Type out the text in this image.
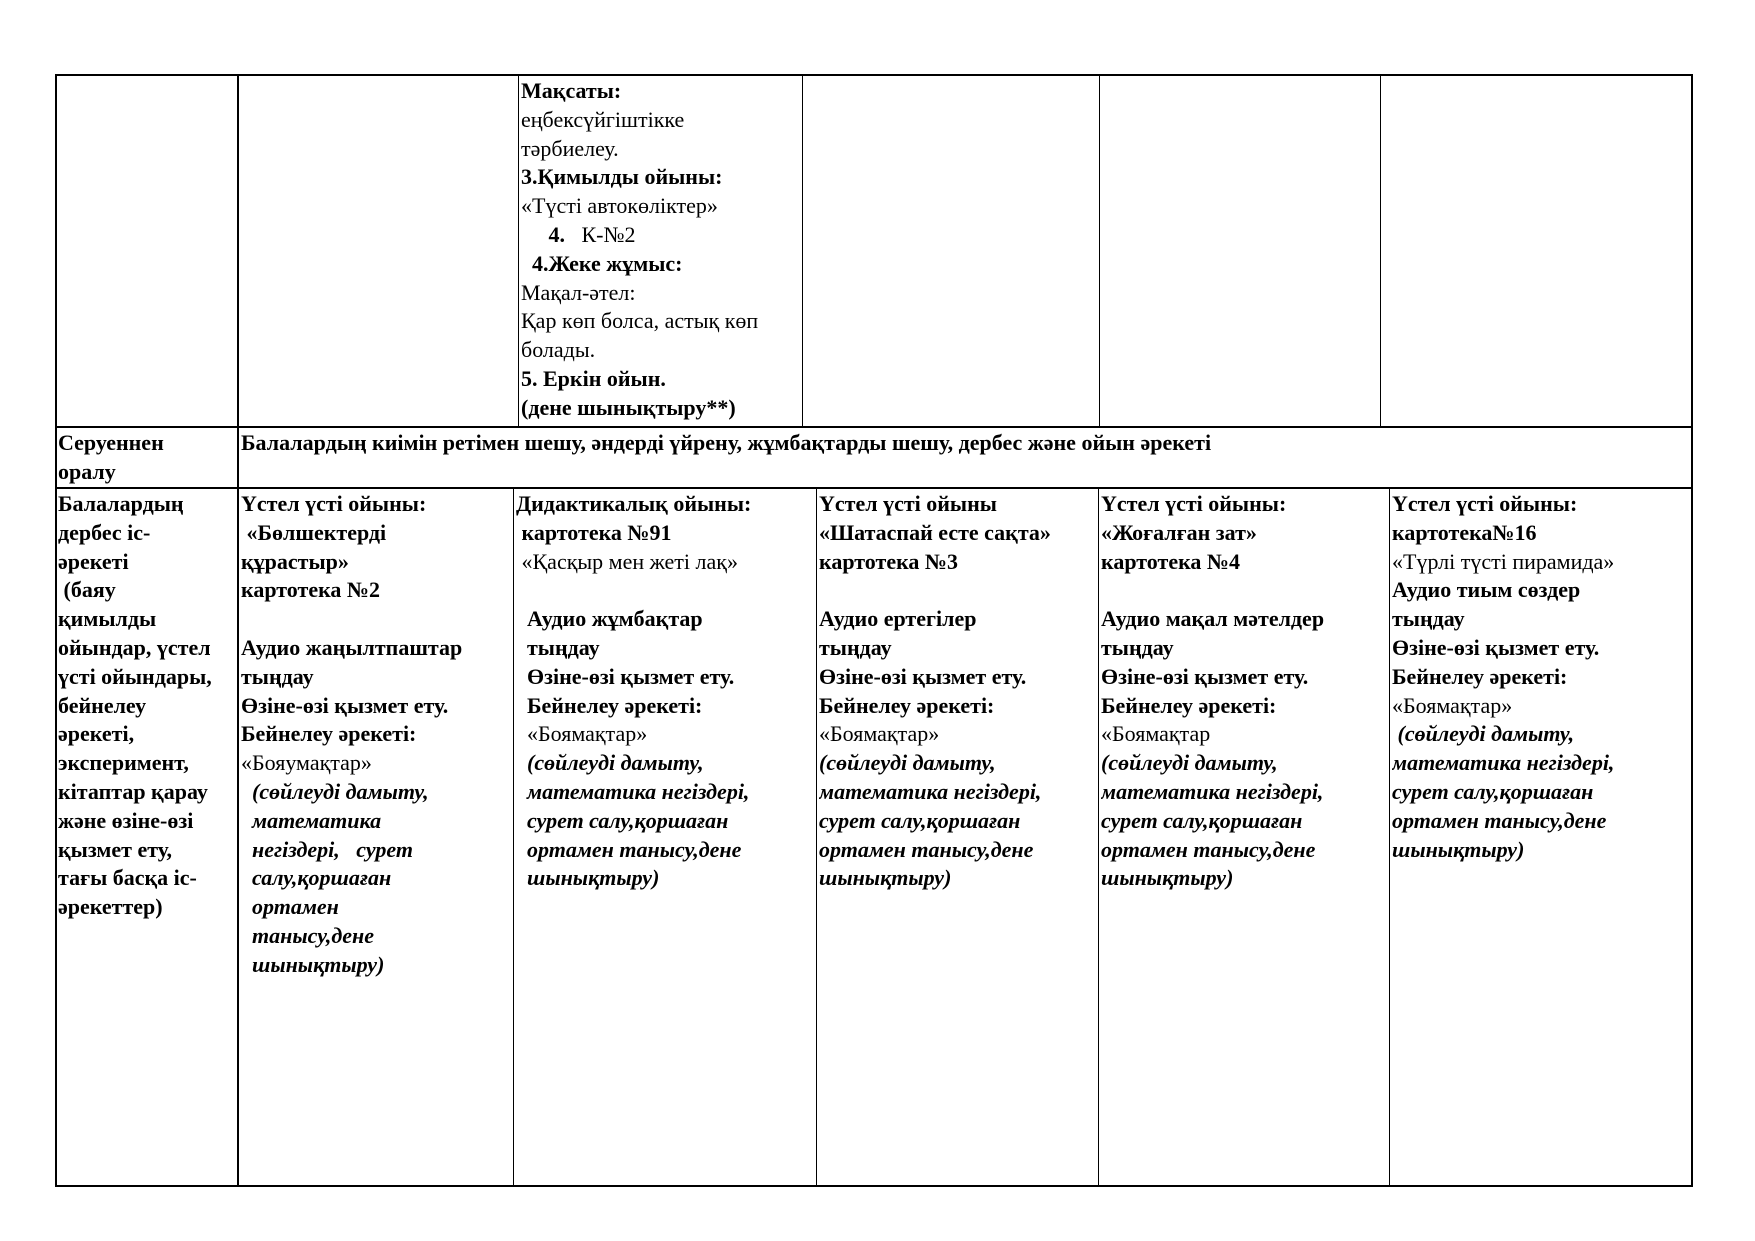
Мақсаты:

еңбексүйгіштікке

тәрбиелеу.

3.Қимылды ойыны:

«Түсті автокөліктер»

4.   К-№2

4.Жеке жұмыс:

Мақал-әтел:

Қар көп болса, астық көп

болады.

5. Еркін ойын.

(дене шынықтыру**)

Серуеннен

оралу

Балалардың киімін ретімен шешу, әндерді үйрену, жұмбақтарды шешу, дербес және ойын әрекеті

Балалардың

дербес іс-

әрекеті

(баяу

қимылды

ойындар, үстел

үсті ойындары,

бейнелеу

әрекеті,

эксперимент,

кітаптар қарау

және өзіне-өзі

қызмет ету,

тағы басқа іс-

әрекеттер)

Үстел үсті ойыны:

«Бөлшектерді

құрастыр»

картотека №2

Аудио жаңылтпаштар

тыңдау

Өзіне-өзі қызмет ету.

Бейнелеу әрекеті:

«Бояумақтар»

(сөйлеуді дамыту,

математика

негіздері,   сурет

салу,қоршаған

ортамен

танысу,дене

шынықтыру)

Дидактикалық ойыны:

картотека №91

«Қасқыр мен жеті лақ»

Аудио жұмбақтар

тыңдау

Өзіне-өзі қызмет ету.

Бейнелеу әрекеті:

«Боямақтар»

(сөйлеуді дамыту,

математика негіздері,

сурет салу,қоршаған

ортамен танысу,дене

шынықтыру)

Үстел үсті ойыны

«Шатаспай есте сақта»

картотека №3

Аудио ертегілер

тыңдау

Өзіне-өзі қызмет ету.

Бейнелеу әрекеті:

«Боямақтар»

(сөйлеуді дамыту,

математика негіздері,

сурет салу,қоршаған

ортамен танысу,дене

шынықтыру)

Үстел үсті ойыны:

«Жоғалған зат»

картотека №4

Аудио мақал мәтелдер

тыңдау

Өзіне-өзі қызмет ету.

Бейнелеу әрекеті:

«Боямақтар

(сөйлеуді дамыту,

математика негіздері,

сурет салу,қоршаған

ортамен танысу,дене

шынықтыру)

Үстел үсті ойыны:

картотека№16

«Түрлі түсті пирамида»

Аудио тиым сөздер

тыңдау

Өзіне-өзі қызмет ету.

Бейнелеу әрекеті:

«Боямақтар»

(сөйлеуді дамыту,

математика негіздері,

сурет салу,қоршаған

ортамен танысу,дене

шынықтыру)
